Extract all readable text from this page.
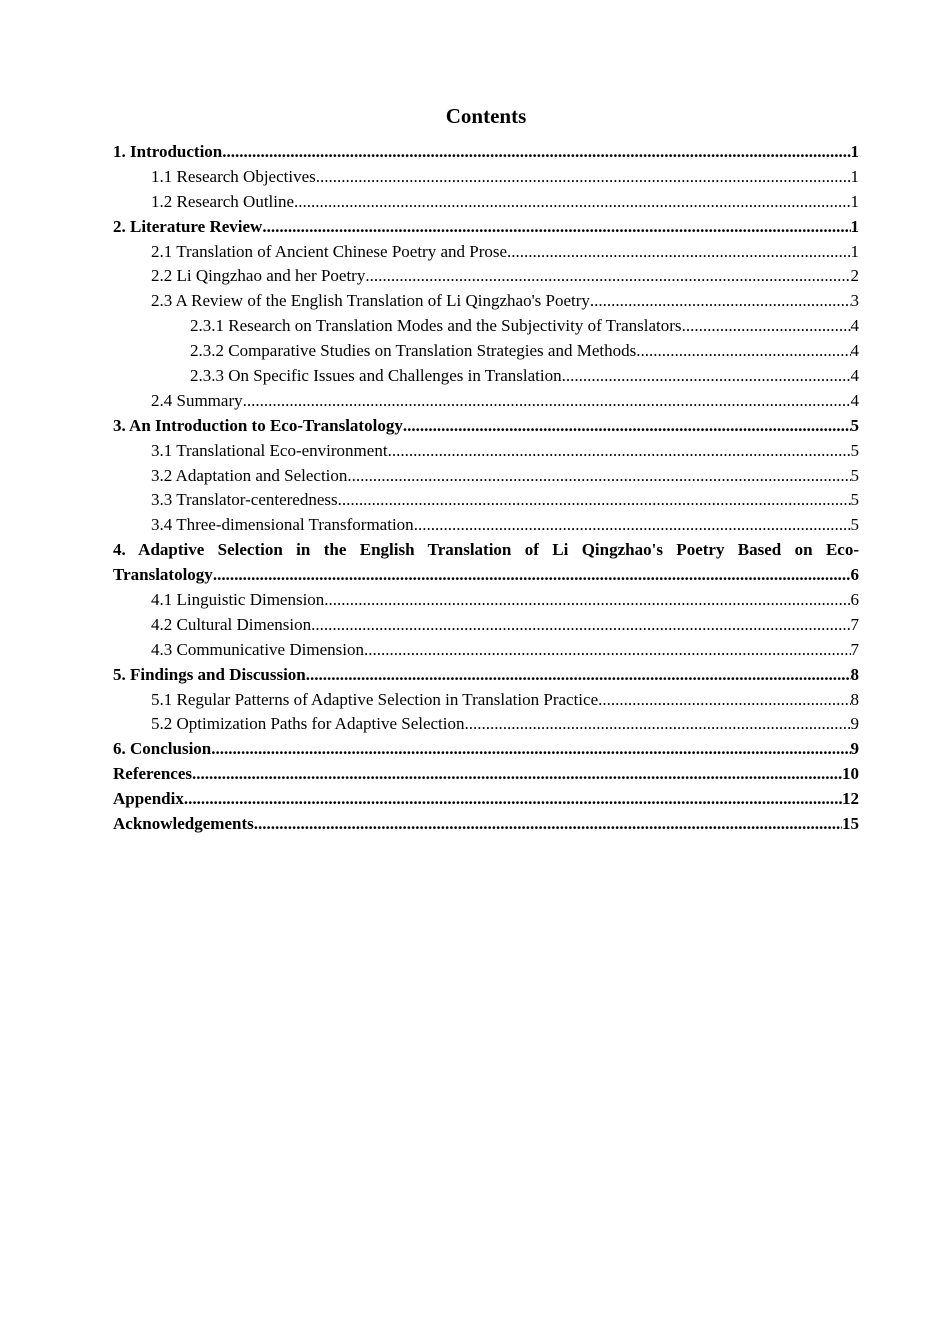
Contents
1. Introduction .....	1
1.1 Research Objectives .....	1
1.2 Research Outline .....	1
2. Literature Review .....	1
2.1 Translation of Ancient Chinese Poetry and Prose .....	1
2.2 Li Qingzhao and her Poetry .....	2
2.3 A Review of the English Translation of Li Qingzhao's Poetry .....	3
2.3.1 Research on Translation Modes and the Subjectivity of Translators .....	4
2.3.2 Comparative Studies on Translation Strategies and Methods .....	4
2.3.3 On Specific Issues and Challenges in Translation .....	4
2.4 Summary .....	4
3. An Introduction to Eco-Translatology .....	5
3.1 Translational Eco-environment .....	5
3.2 Adaptation and Selection .....	5
3.3 Translator-centeredness .....	5
3.4 Three-dimensional Transformation .....	5
4. Adaptive Selection in the English Translation of Li Qingzhao's Poetry Based on Eco-
Translatology .....	6
4.1 Linguistic Dimension .....	6
4.2 Cultural Dimension .....	7
4.3 Communicative Dimension .....	7
5. Findings and Discussion .....	8
5.1 Regular Patterns of Adaptive Selection in Translation Practice .....	8
5.2 Optimization Paths for Adaptive Selection .....	9
6. Conclusion .....	9
References .....	10
Appendix .....	12
Acknowledgements .....	15
